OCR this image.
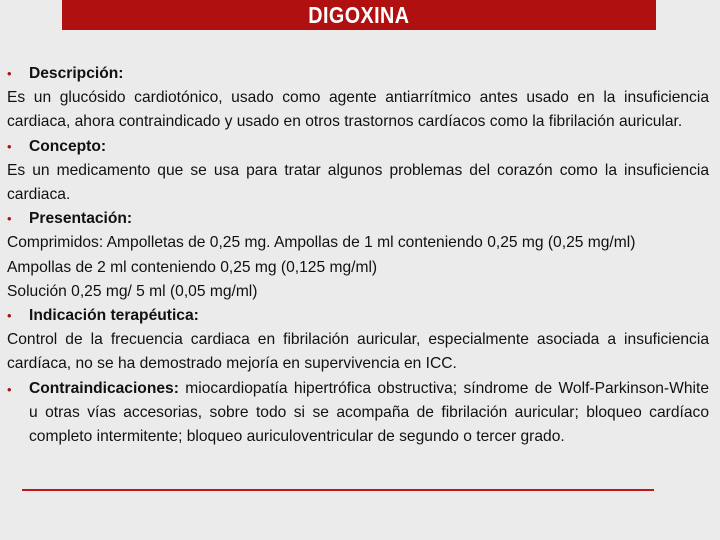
DIGOXINA
•	Descripción:
Es un glucósido cardiotónico, usado como agente antiarrítmico antes usado en la insuficiencia cardiaca, ahora contraindicado y usado en otros trastornos cardíacos como la fibrilación auricular.
•	Concepto:
Es un medicamento que se usa para tratar algunos problemas del corazón como la insuficiencia cardiaca.
•	Presentación:
Comprimidos: Ampolletas de 0,25 mg. Ampollas de 1 ml conteniendo 0,25 mg (0,25 mg/ml)
Ampollas de 2 ml conteniendo 0,25 mg (0,125 mg/ml)
Solución 0,25 mg/ 5 ml (0,05 mg/ml)
•	Indicación terapéutica:
Control de la frecuencia cardiaca en fibrilación auricular, especialmente asociada a insuficiencia cardíaca, no se ha demostrado mejoría en supervivencia en ICC.
•	Contraindicaciones: miocardiopatía hipertrófica obstructiva; síndrome de Wolf-Parkinson-White u otras vías accesorias, sobre todo si se acompaña de fibrilación auricular; bloqueo cardíaco completo intermitente; bloqueo auriculoventricular de segundo o tercer grado.
